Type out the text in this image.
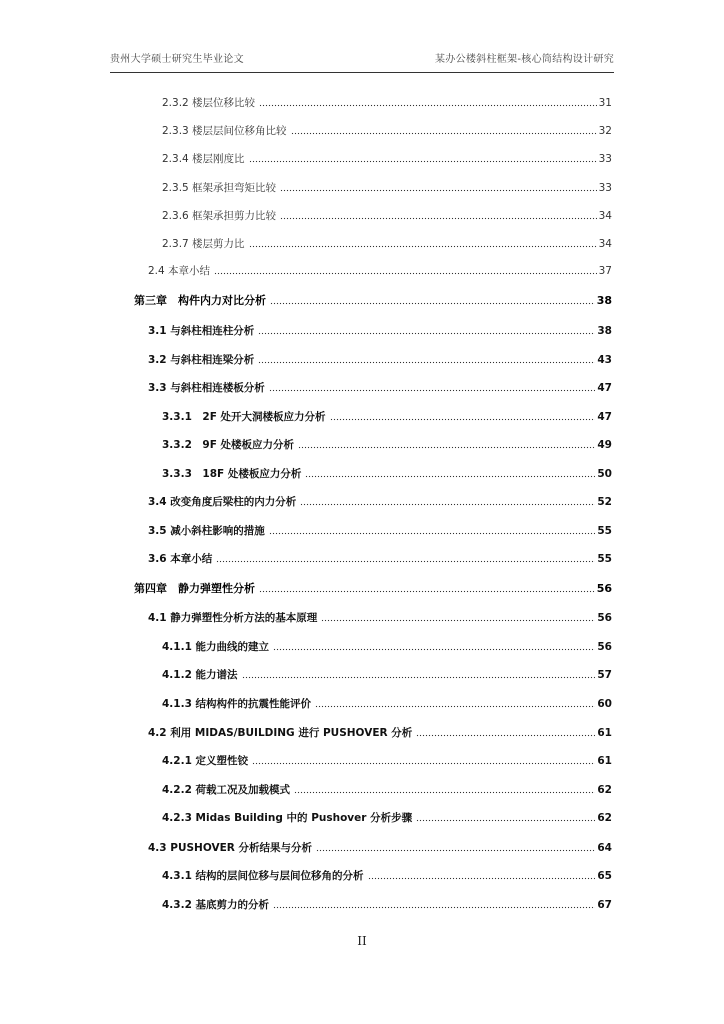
贵州大学硕士研究生毕业论文	某办公楼斜柱框架-核心筒结构设计研究
2.3.2 楼层位移比较	31
2.3.3 楼层层间位移角比较	32
2.3.4 楼层刚度比	33
2.3.5 框架承担弯矩比较	33
2.3.6 框架承担剪力比较	34
2.3.7 楼层剪力比	34
2.4 本章小结	37
第三章　构件内力对比分析	38
3.1 与斜柱相连柱分析	38
3.2 与斜柱相连梁分析	43
3.3 与斜柱相连楼板分析	47
3.3.1　2F 处开大洞楼板应力分析	47
3.3.2　9F 处楼板应力分析	49
3.3.3　18F 处楼板应力分析	50
3.4 改变角度后梁柱的内力分析	52
3.5 减小斜柱影响的措施	55
3.6 本章小结	55
第四章　静力弹塑性分析	56
4.1 静力弹塑性分析方法的基本原理	56
4.1.1 能力曲线的建立	56
4.1.2 能力谱法	57
4.1.3 结构构件的抗震性能评价	60
4.2 利用 MIDAS/BUILDING 进行 PUSHOVER 分析	61
4.2.1 定义塑性铰	61
4.2.2 荷载工况及加载模式	62
4.2.3 Midas Building 中的 Pushover 分析步骤	62
4.3 PUSHOVER 分析结果与分析	64
4.3.1 结构的层间位移与层间位移角的分析	65
4.3.2 基底剪力的分析	67
II
